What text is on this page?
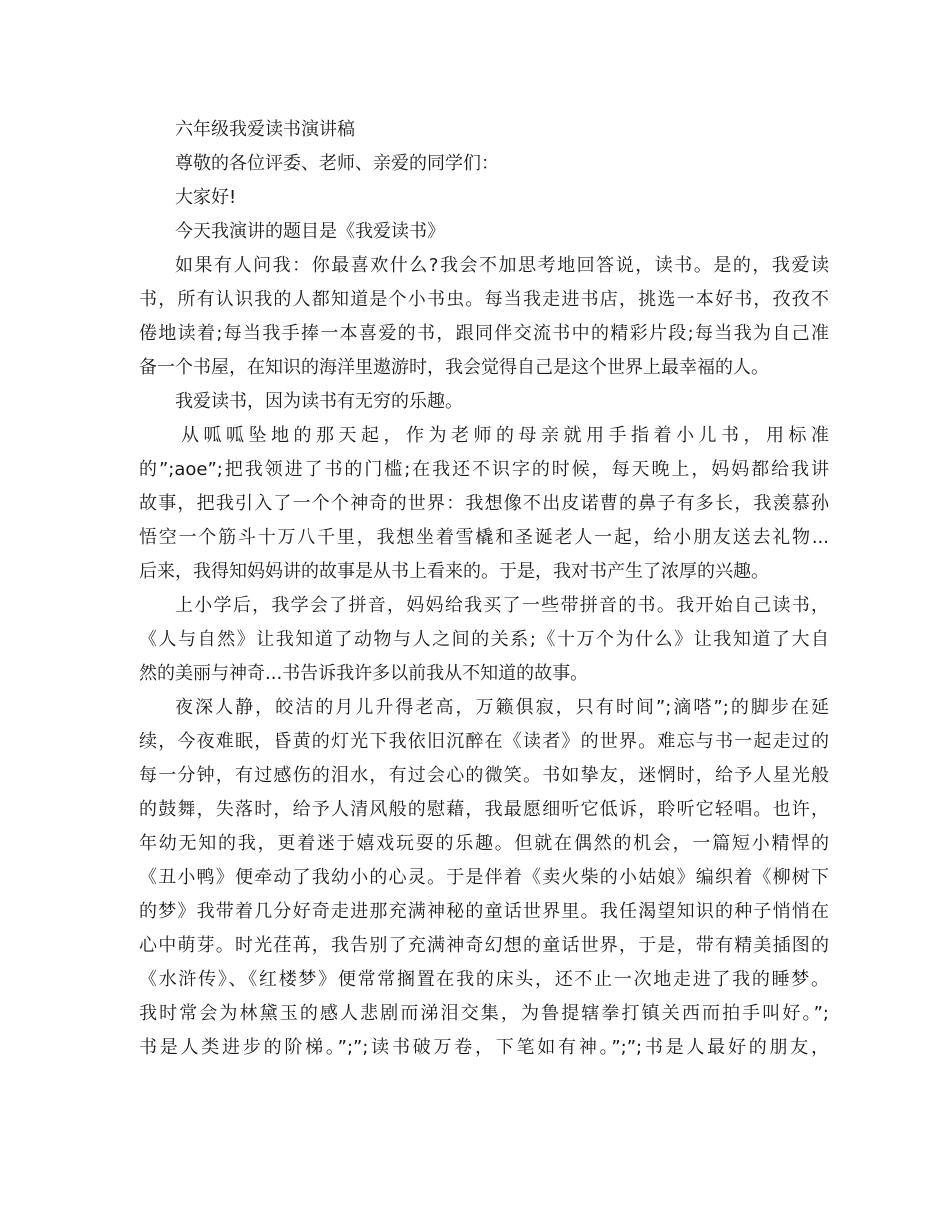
六年级我爱读书演讲稿
尊敬的各位评委、老师、亲爱的同学们：
大家好!
今天我演讲的题目是《我爱读书》
如果有人问我：你最喜欢什么?我会不加思考地回答说，读书。是的，我爱读
书，所有认识我的人都知道是个小书虫。每当我走进书店，挑选一本好书，孜孜不
倦地读着;每当我手捧一本喜爱的书，跟同伴交流书中的精彩片段;每当我为自己准
备一个书屋，在知识的海洋里遨游时，我会觉得自己是这个世界上最幸福的人。
我爱读书，因为读书有无穷的乐趣。
从呱呱坠地的那天起，作为老师的母亲就用手指着小儿书，用标准
的”;aoe”;把我领进了书的门槛;在我还不识字的时候，每天晚上，妈妈都给我讲
故事，把我引入了一个个神奇的世界：我想像不出皮诺曹的鼻子有多长，我羡慕孙
悟空一个筋斗十万八千里，我想坐着雪橇和圣诞老人一起，给小朋友送去礼物...
后来，我得知妈妈讲的故事是从书上看来的。于是，我对书产生了浓厚的兴趣。
上小学后，我学会了拼音，妈妈给我买了一些带拼音的书。我开始自己读书，
《人与自然》让我知道了动物与人之间的关系;《十万个为什么》让我知道了大自
然的美丽与神奇...书告诉我许多以前我从不知道的故事。
夜深人静，皎洁的月儿升得老高，万籁俱寂，只有时间”;滴嗒”;的脚步在延
续，今夜难眠，昏黄的灯光下我依旧沉醉在《读者》的世界。难忘与书一起走过的
每一分钟，有过感伤的泪水，有过会心的微笑。书如挚友，迷惘时，给予人星光般
的鼓舞，失落时，给予人清风般的慰藉，我最愿细听它低诉，聆听它轻唱。也许，
年幼无知的我，更着迷于嬉戏玩耍的乐趣。但就在偶然的机会，一篇短小精悍的
《丑小鸭》便牵动了我幼小的心灵。于是伴着《卖火柴的小姑娘》编织着《柳树下
的梦》我带着几分好奇走进那充满神秘的童话世界里。我任渴望知识的种子悄悄在
心中萌芽。时光荏苒，我告别了充满神奇幻想的童话世界，于是，带有精美插图的
《水浒传》、《红楼梦》便常常搁置在我的床头，还不止一次地走进了我的睡梦。
我时常会为林黛玉的感人悲剧而涕泪交集，为鲁提辖拳打镇关西而拍手叫好。”;
书是人类进步的阶梯。”;”;读书破万卷，下笔如有神。”;”;书是人最好的朋友，
